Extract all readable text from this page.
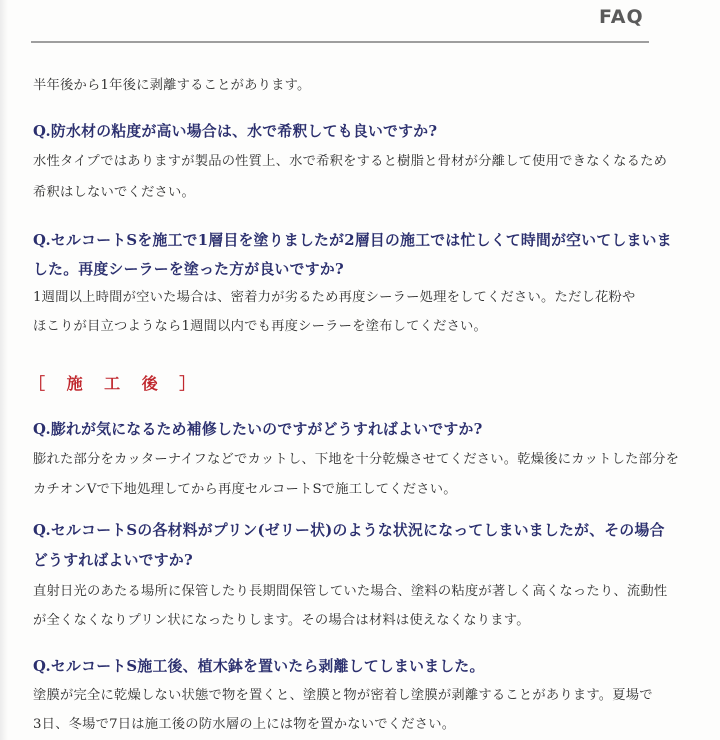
FAQ
半年後から1年後に剥離することがあります。
Q.防水材の粘度が高い場合は、水で希釈しても良いですか?
水性タイプではありますが製品の性質上、水で希釈をすると樹脂と骨材が分離して使用できなくなるため
希釈はしないでください。
Q.セルコートSを施工で1層目を塗りましたが2層目の施工では忙しくて時間が空いてしまいま
した。再度シーラーを塗った方が良いですか?
1週間以上時間が空いた場合は、密着力が劣るため再度シーラー処理をしてください。ただし花粉や
ほこりが目立つようなら1週間以内でも再度シーラーを塗布してください。
［ 施 工 後 ］
Q.膨れが気になるため補修したいのですがどうすればよいですか?
膨れた部分をカッターナイフなどでカットし、下地を十分乾燥させてください。乾燥後にカットした部分を
カチオンVで下地処理してから再度セルコートSで施工してください。
Q.セルコートSの各材料がプリン(ゼリー状)のような状況になってしまいましたが、その場合
どうすればよいですか?
直射日光のあたる場所に保管したり長期間保管していた場合、塗料の粘度が著しく高くなったり、流動性
が全くなくなりプリン状になったりします。その場合は材料は使えなくなります。
Q.セルコートS施工後、植木鉢を置いたら剥離してしまいました。
塗膜が完全に乾燥しない状態で物を置くと、塗膜と物が密着し塗膜が剥離することがあります。夏場で
3日、冬場で7日は施工後の防水層の上には物を置かないでください。
